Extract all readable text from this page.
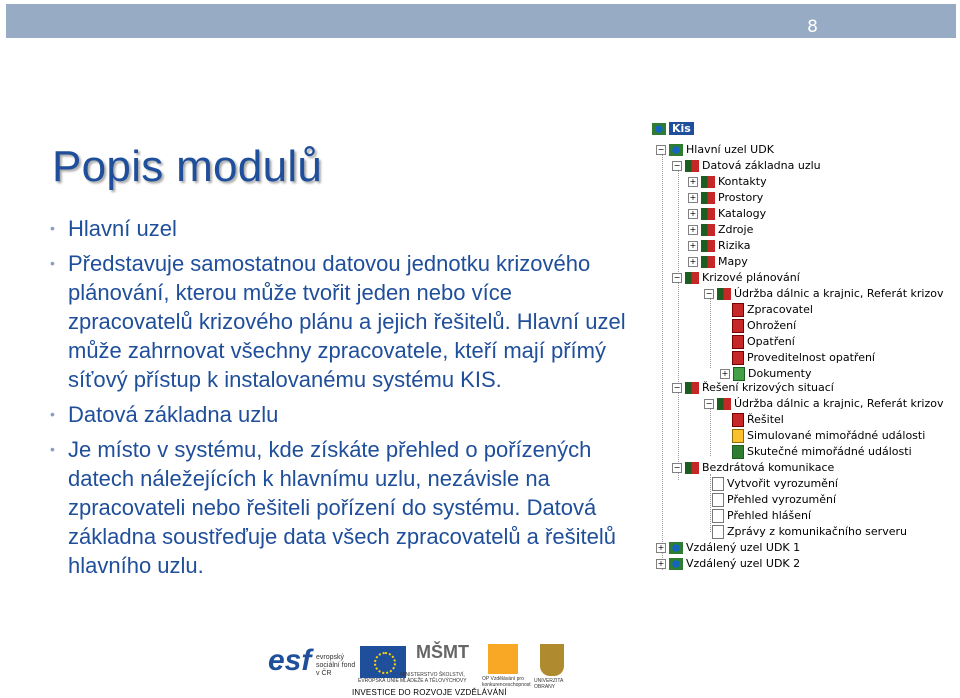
8
Popis modulů
• Hlavní uzel
• Představuje samostatnou datovou jednotku krizového plánování, kterou může tvořit jeden nebo více zpracovatelů krizového plánu a jejich řešitelů. Hlavní uzel může zahrnovat všechny zpracovatele, kteří mají přímý síťový přístup k instalovanému systému KIS.
• Datová základna uzlu
• Je místo v systému, kde získáte přehled o pořízených datech náležejících k hlavnímu uzlu, nezávisle na zpracovateli nebo řešiteli pořízení do systému. Datová základna soustřeďuje data všech zpracovatelů a řešitelů hlavního uzlu.
Kis
− Hlavní uzel UDK
− Datová základna uzlu
+ Kontakty
+ Prostory
+ Katalogy
+ Zdroje
+ Rizika
+ Mapy
− Krizové plánování
− Údržba dálnic a krajnic, Referát krizov
Zpracovatel
Ohrožení
Opatření
Proveditelnost opatření
+ Dokumenty
− Řešení krizových situací
− Údržba dálnic a krajnic, Referát krizov
Řešitel
Simulované mimořádné události
Skutečné mimořádné události
− Bezdrátová komunikace
Vytvořit vyrozumění
Přehled vyrozumění
Přehled hlášení
Zprávy z komunikačního serveru
+ Vzdálený uzel UDK 1
+ Vzdálený uzel UDK 2
esf evropský sociální fond v ČR
EVROPSKÁ UNIE
MŠMT
MINISTERSTVO ŠKOLSTVÍ, MLÁDEŽE A TĚLOVÝCHOVY	OP Vzdělávání pro konkurenceschopnost
UNIVERZITA OBRANY
INVESTICE DO ROZVOJE VZDĚLÁVÁNÍ
